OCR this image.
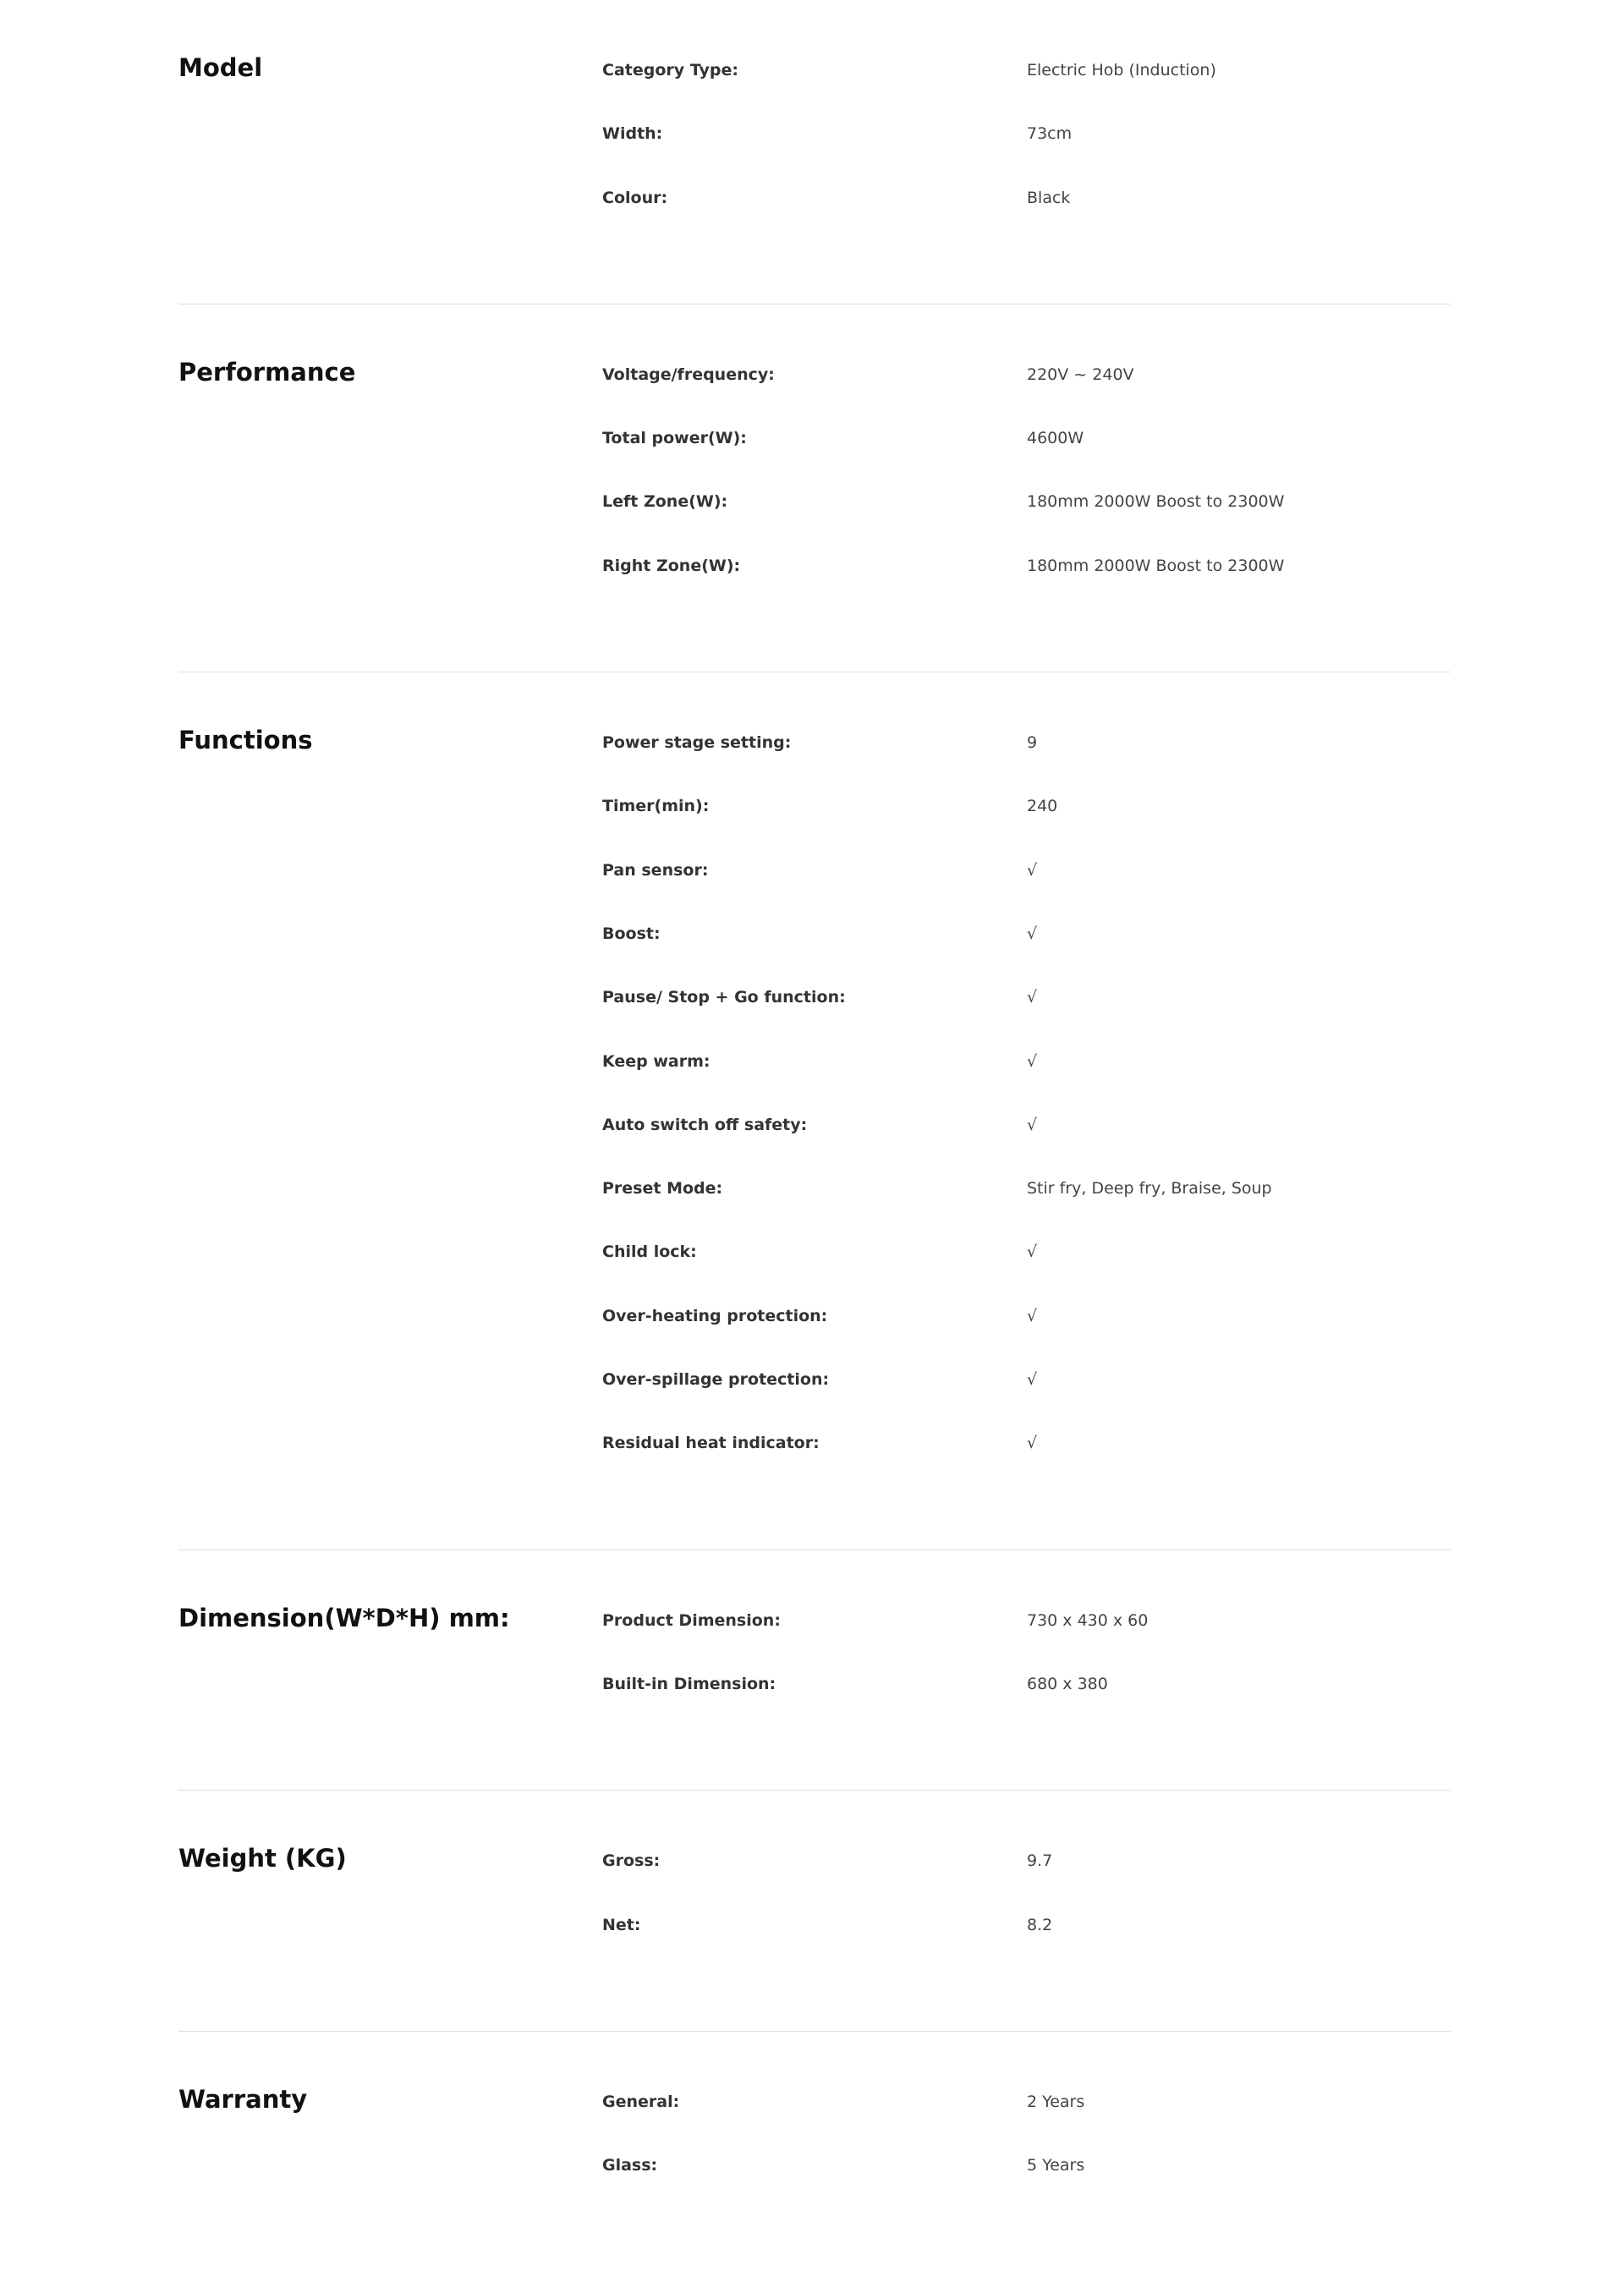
Model	Category Type:	Electric Hob (Induction)
Width:	73cm
Colour:	Black
Performance	Voltage/frequency:	220V ~ 240V
Total power(W):	4600W
Left Zone(W):	180mm 2000W Boost to 2300W
Right Zone(W):	180mm 2000W Boost to 2300W
Functions	Power stage setting:	9
Timer(min):	240
Pan sensor:	√
Boost:	√
Pause/ Stop + Go function:	√
Keep warm:	√
Auto switch off safety:	√
Preset Mode:	Stir fry, Deep fry, Braise, Soup
Child lock:	√
Over-heating protection:	√
Over-spillage protection:	√
Residual heat indicator:	√
Dimension(W*D*H) mm:	Product Dimension:	730 x 430 x 60
Built-in Dimension:	680 x 380
Weight (KG)	Gross:	9.7
Net:	8.2
Warranty	General:	2 Years
Glass:	5 Years
